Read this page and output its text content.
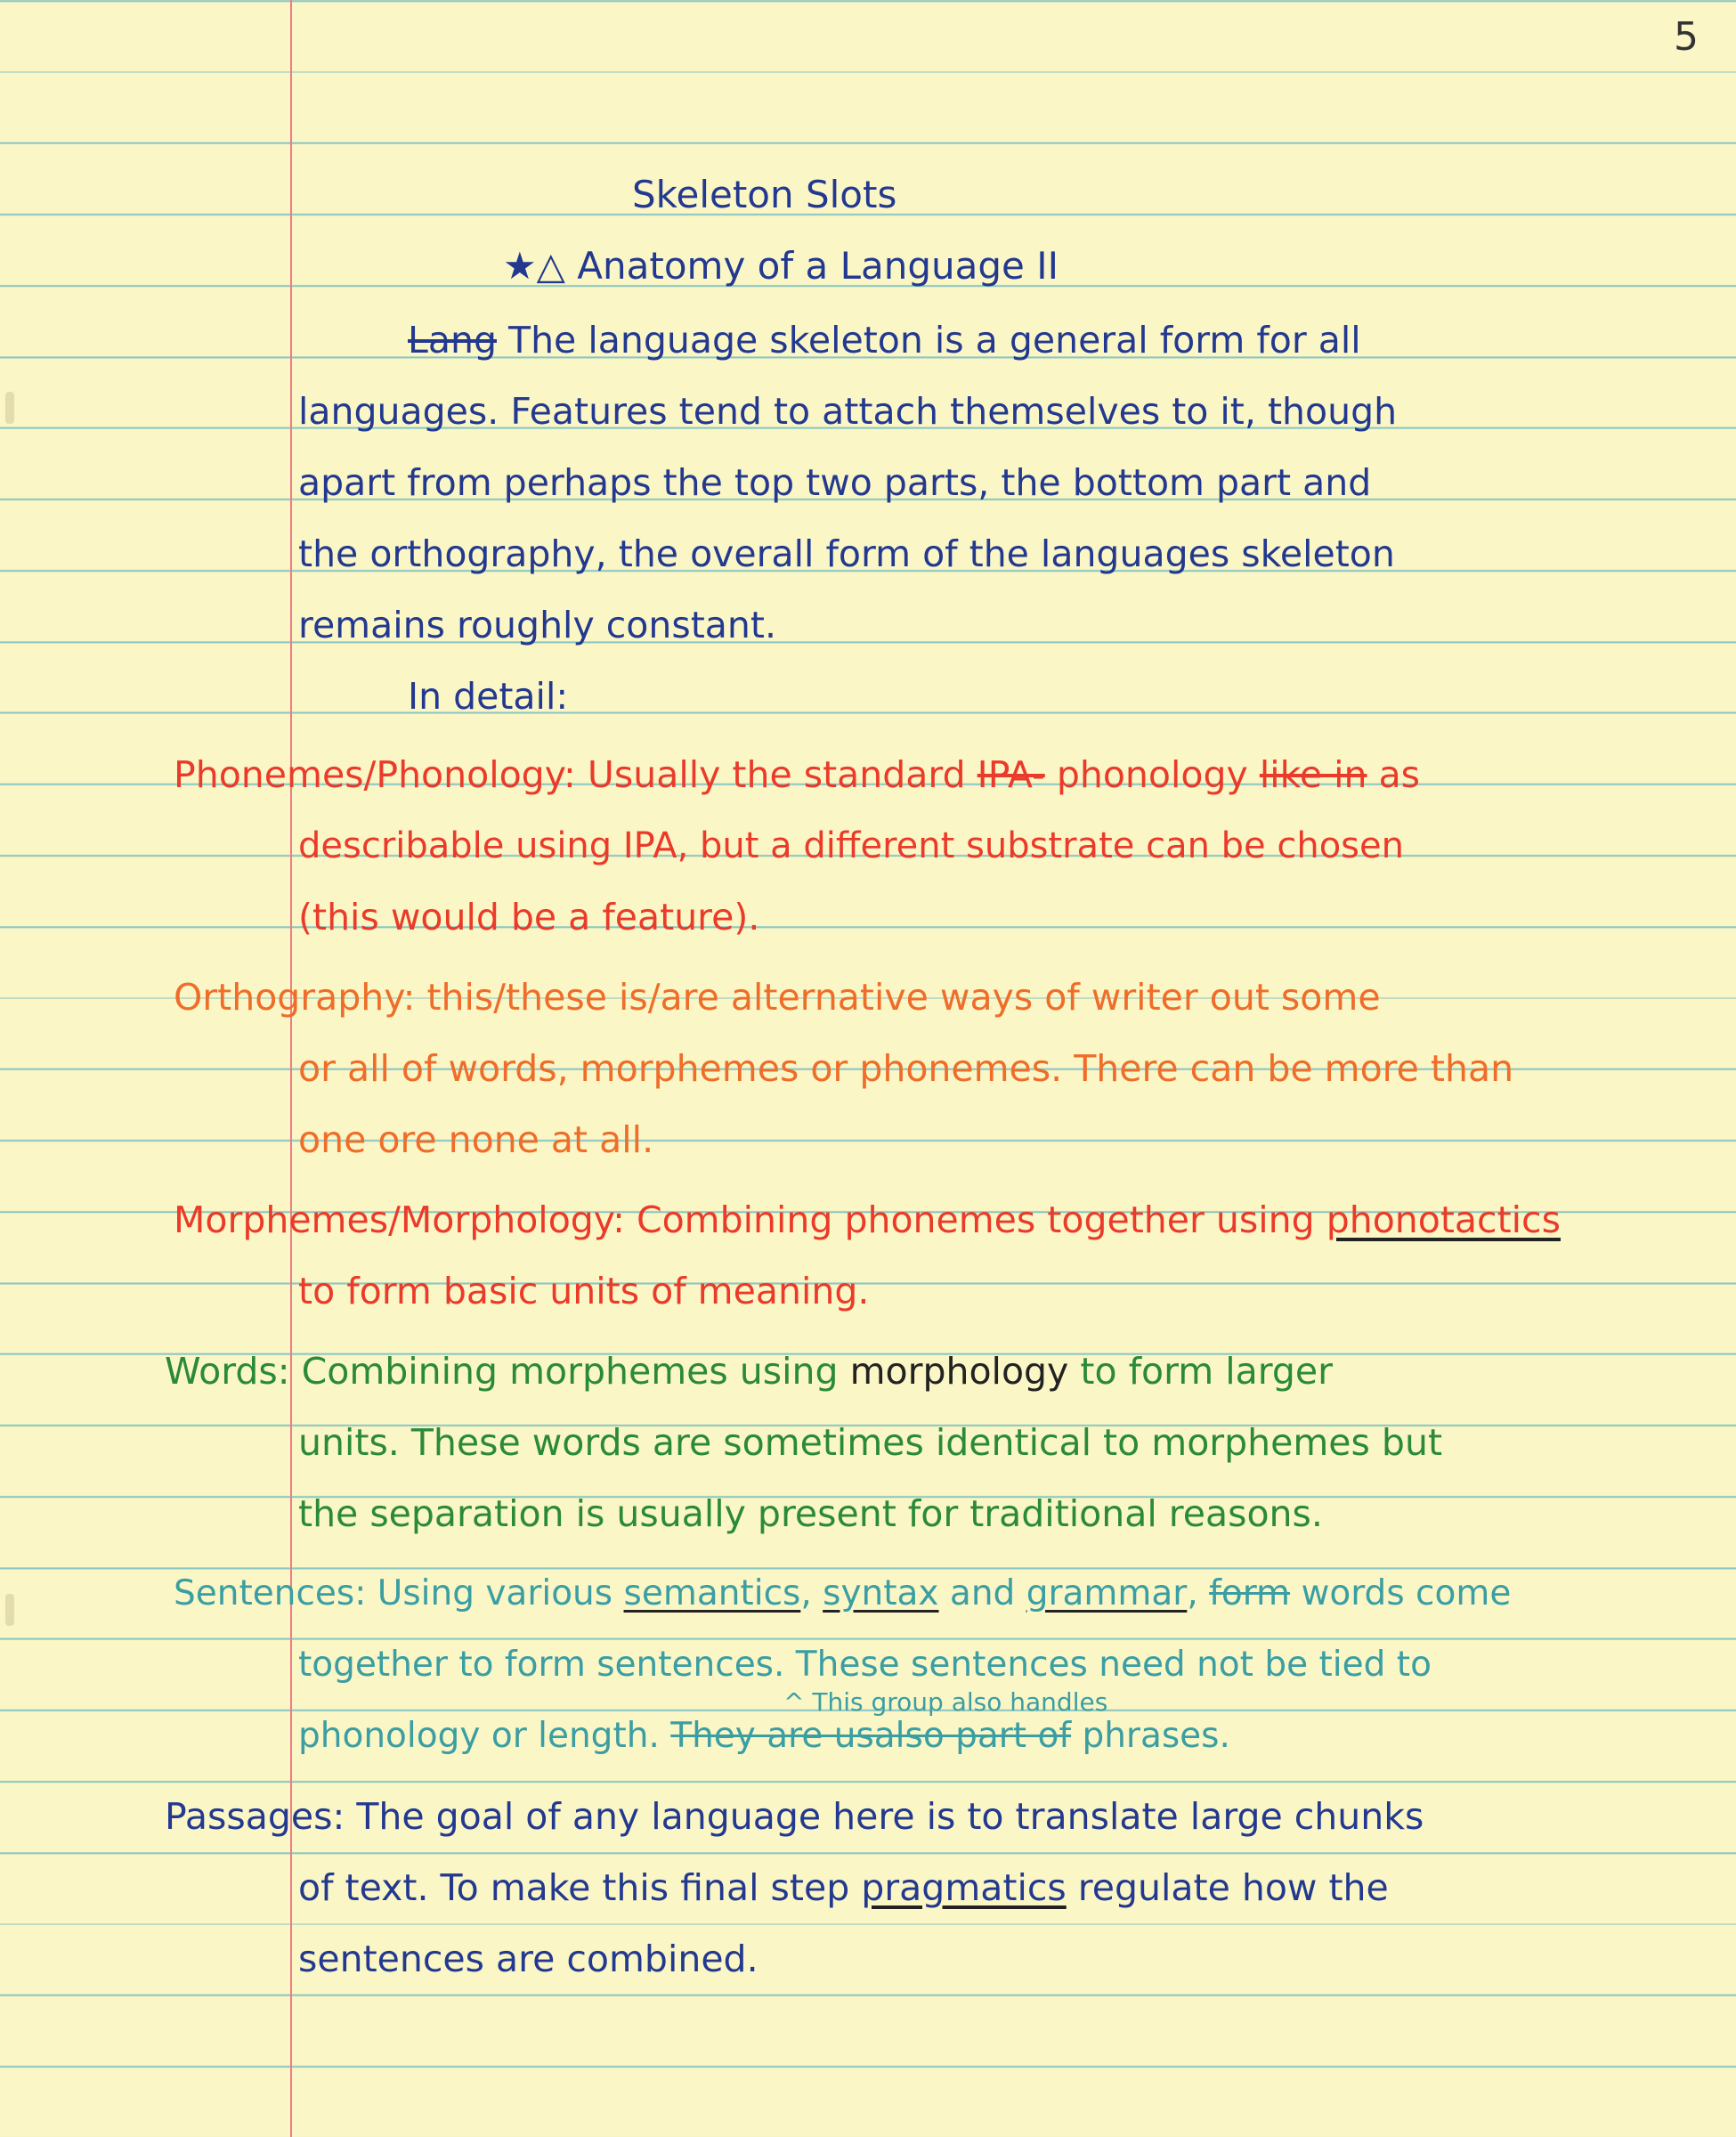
5
Skeleton Slots
★△ Anatomy of a Language II
Lang The language skeleton is a general form for all
languages. Features tend to attach themselves to it, though
apart from perhaps the top two parts, the bottom part and
the orthography, the overall form of the languages skeleton
remains roughly constant.
In detail:
Phonemes/Phonology: Usually the standard IPA- phonology like in as
describable using IPA, but a different substrate can be chosen
(this would be a feature).
Orthography: this/these is/are alternative ways of writer out some
or all of words, morphemes or phonemes. There can be more than
one ore none at all.
Morphemes/Morphology: Combining phonemes together using phonotactics
to form basic units of meaning.
Words: Combining morphemes using morphology to form larger
units. These words are sometimes identical to morphemes but
the separation is usually present for traditional reasons.
Sentences: Using various semantics, syntax and grammar, form words come
together to form sentences. These sentences need not be tied to
^ This group also handles
phonology or length. They are usalso part of phrases.
Passages: The goal of any language here is to translate large chunks
of text. To make this final step pragmatics regulate how the
sentences are combined.
